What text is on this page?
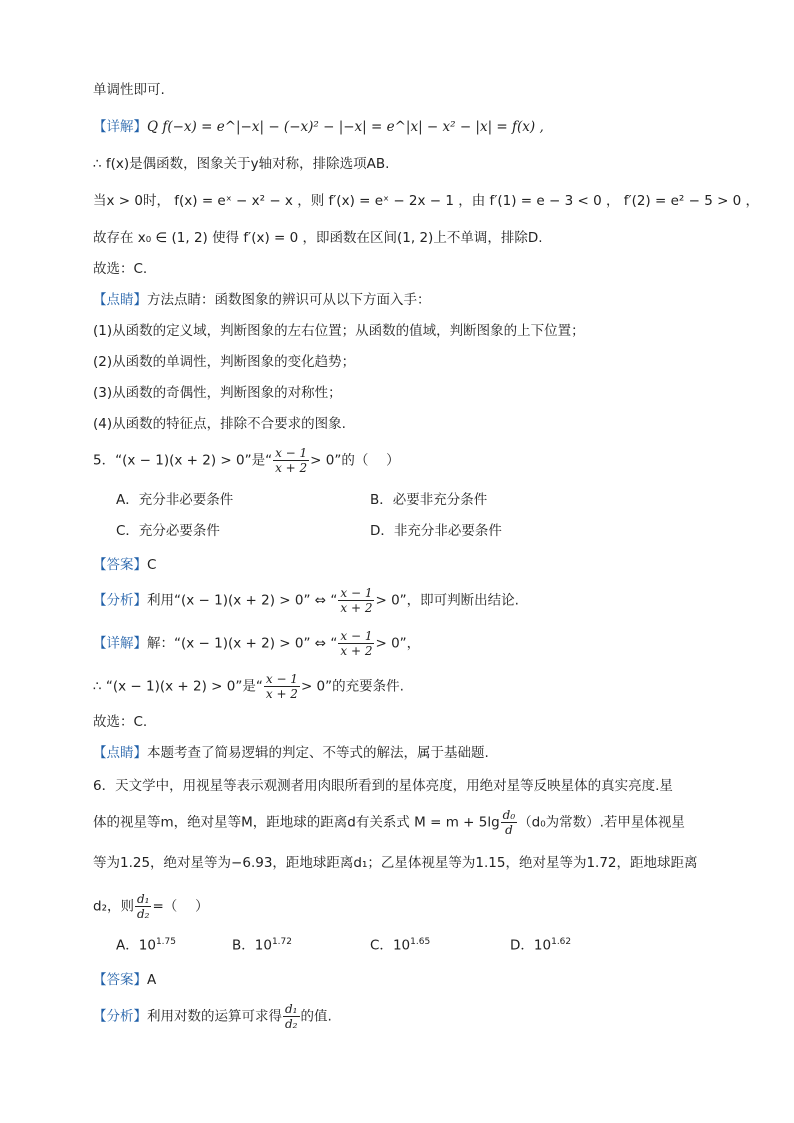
单调性即可.
【详解】Q f(−x) = e^|−x| − (−x)² − |−x| = e^|x| − x² − |x| = f(x) ,
∴ f(x)是偶函数，图象关于y轴对称，排除选项AB.
当x > 0时， f(x) = eˣ − x² − x ，则 f′(x) = eˣ − 2x − 1 ，由 f′(1) = e − 3 < 0 ， f′(2) = e² − 5 > 0 ，
故存在 x₀ ∈ (1, 2) 使得 f′(x) = 0 ，即函数在区间(1, 2)上不单调，排除D.
故选：C.
【点睛】方法点睛：函数图象的辨识可从以下方面入手：
(1)从函数的定义域，判断图象的左右位置；从函数的值域，判断图象的上下位置；
(2)从函数的单调性，判断图象的变化趋势；
(3)从函数的奇偶性，判断图象的对称性；
(4)从函数的特征点，排除不合要求的图象.
5．“(x − 1)(x + 2) > 0”是“ $\frac{x - 1}{x + 2} > 0$”的（　 ）
A．充分非必要条件	B．必要非充分条件
C．充分必要条件	D．非充分非必要条件
【答案】C
【分析】利用“(x − 1)(x + 2) > 0” ⇔ “ $\frac{x - 1}{x + 2} > 0$”，即可判断出结论.
【详解】解：“(x − 1)(x + 2) > 0” ⇔ “ $\frac{x - 1}{x + 2} > 0$”，
∴ “(x − 1)(x + 2) > 0”是“ $\frac{x - 1}{x + 2} > 0$”的充要条件.
故选：C.
【点睛】本题考查了简易逻辑的判定、不等式的解法，属于基础题.
6．天文学中，用视星等表示观测者用肉眼所看到的星体亮度，用绝对星等反映星体的真实亮度.星
体的视星等m，绝对星等M，距地球的距离d有关系式 $M = m + 5\lg \frac{\text{d₀}}{d} (d_0$为常数）.若甲星体视星
等为1.25，绝对星等为−6.93，距地球距离d₁；乙星体视星等为1.15，绝对星等为1.72，距地球距离
d₂，则 $\frac{\text{d₁}}{\text{d₂}}$ =（　 ）
A．$10^{1.75}$	B．$10^{1.72}$	C．$10^{1.65}$	D．$10^{1.62}$
【答案】A
【分析】利用对数的运算可求得 $\frac{\text{d₁}}{\text{d₂}}$ 的值.
